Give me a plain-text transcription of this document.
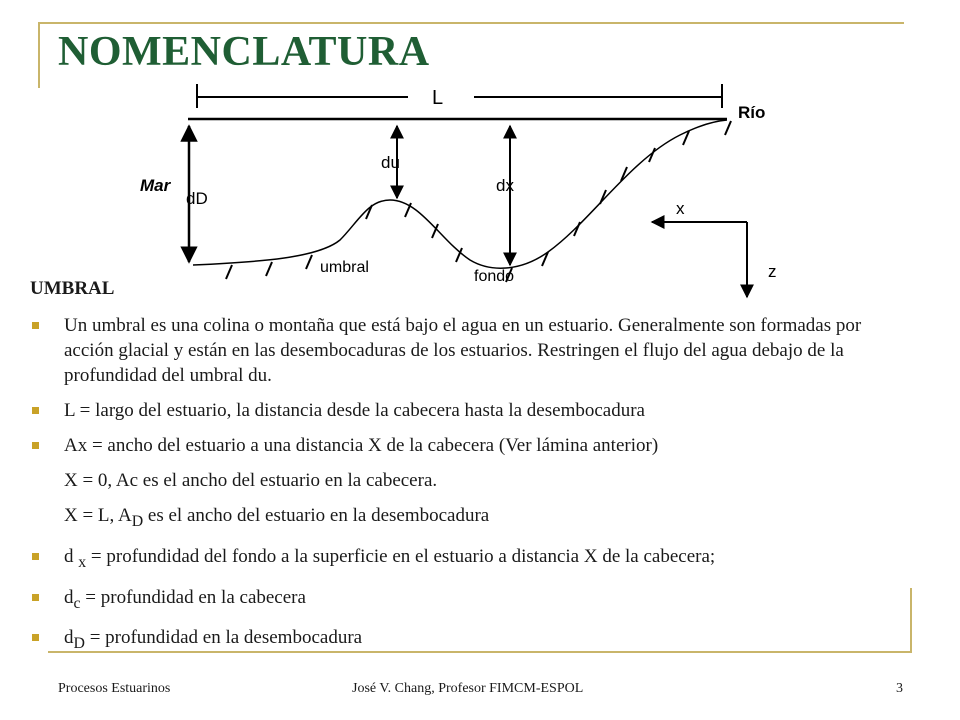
NOMENCLATURA
L
Río
Mar
dD
du
dx
umbral
fondo
x
z
UMBRAL
Un umbral es una colina o montaña que está bajo el agua en un estuario. Generalmente son formadas por acción glacial y están en las desembocaduras de los estuarios. Restringen el flujo del agua debajo de la profundidad del umbral du.
L = largo del estuario, la distancia desde la cabecera hasta la desembocadura
Ax = ancho del estuario a una distancia X de la cabecera (Ver lámina anterior)
X = 0, Ac es el ancho del estuario en la cabecera.
X = L, $A_D$ es el ancho del estuario en la desembocadura
d $_x$ = profundidad del fondo a la superficie en el estuario a distancia X de la cabecera;
$d_c$ = profundidad en la cabecera
$d_D$ = profundidad en la desembocadura
Procesos Estuarinos	José V. Chang, Profesor FIMCM-ESPOL	3
